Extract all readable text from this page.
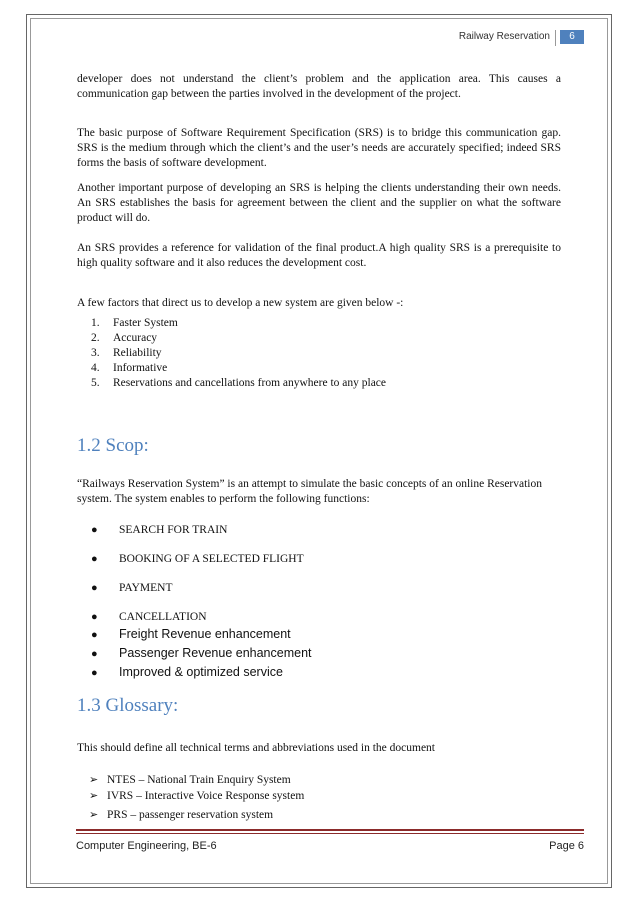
Railway Reservation	6

developer does not understand the client’s problem and the application area. This causes a communication gap between the parties involved in the development of the project.

The basic purpose of Software Requirement Specification (SRS) is to bridge this communication gap. SRS is the medium through which the client’s and the user’s needs are accurately specified; indeed SRS forms the basis of software development.

Another important purpose of developing an SRS is helping the clients understanding their own needs. An SRS establishes the basis for agreement between the client and the supplier on what the software product will do.

An SRS provides a reference for validation of the final product.A high quality SRS is a prerequisite to high quality software and it also reduces the development cost.

A few factors that direct us to develop a new system are given below -:

1. Faster System
2. Accuracy
3. Reliability
4. Informative
5. Reservations and cancellations from anywhere to any place
1.2 Scop:

“Railways Reservation System” is an attempt to simulate the basic concepts of an online Reservation system. The system enables to perform the following functions:

● SEARCH FOR TRAIN
● BOOKING OF A SELECTED FLIGHT
● PAYMENT
● CANCELLATION
● Freight Revenue enhancement
● Passenger Revenue enhancement
● Improved & optimized service
1.3 Glossary:

This should define all technical terms and abbreviations used in the document

➢ NTES – National Train Enquiry System
➢ IVRS – Interactive Voice Response system
➢ PRS – passenger reservation system
Computer Engineering, BE-6	Page 6
